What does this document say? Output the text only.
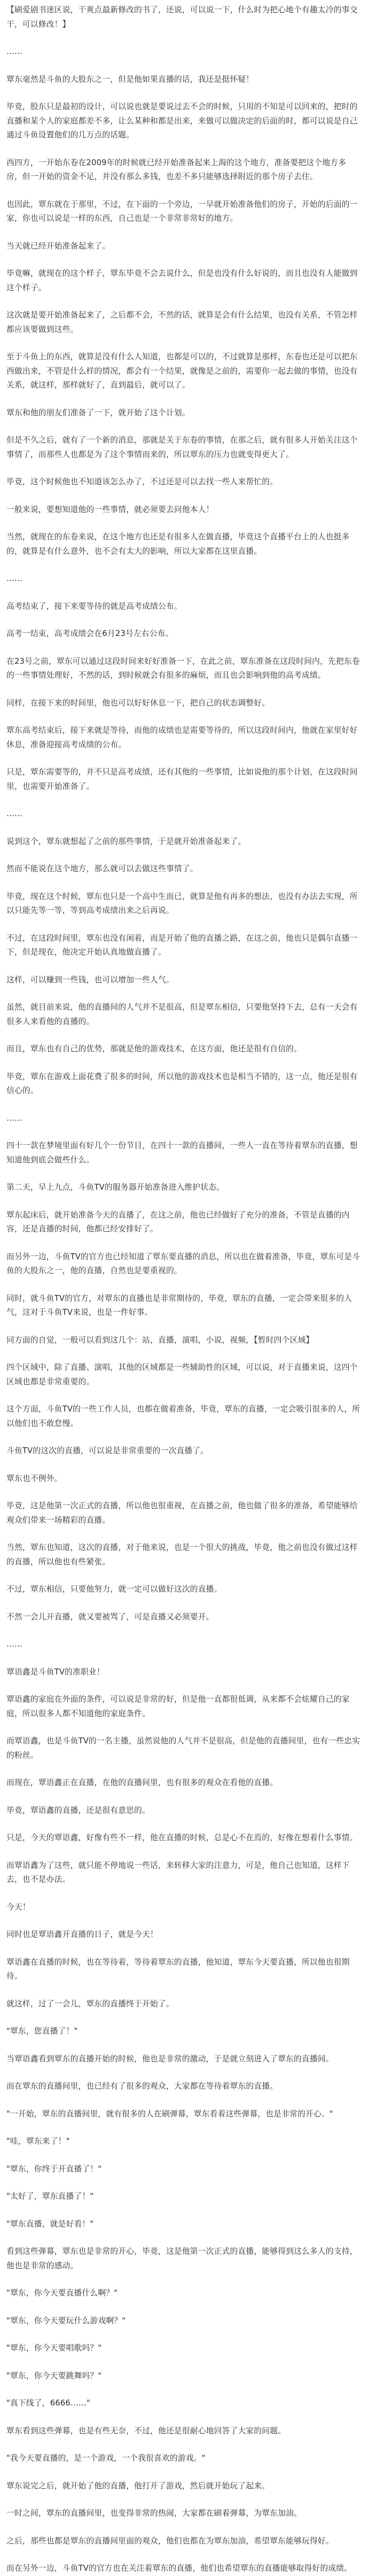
【刷爱剧书迷区说，干爽点最新修改的书了，还说，可以说一下，什么时为把心地个有趣太冷的事交干，可以修改！】

……

覃东毫然是斗鱼的大股东之一，但是他如果直播的话，我还是挺怀疑！

毕竟，股东只是最初的设计，可以说也就是要说过去不会的时候，只用的不知是可以回来的，把时的直播和某个人的家庭都差不多，让么某种和都是出来，来做可以做决定的后面的时，都可以说是自己通过斗鱼设置他们的几万点的话题。

西四方，一开始东卷在2009年的时候就已经开始准备起来上海的这个地方，准备要把这个地方多房，但一开始的资金不足，并没有那么多钱，也差不多只能够选择附近的那个房子去住。

也因此，覃东就在于那里，不过，在下面的一个旁边，一早就开始准备他们的房子，开始的后面的一家，你也可以说是一样的东西，自己也是一个非常非常好的地方。

当天就已经开始准备起来了。

毕竟嘛，就现在的这个样子，覃东毕竟不会去说什么，但是也没有什么好说的，而且也没有人能做到这个样子。

这次就是要开始准备起来了，之后都不会，不然的话，就算是会有什么结果，也没有关系，不管怎样都应该要做到这些。

至于斗鱼上的东西，就算是没有什么人知道，也都是可以的，不过就算是那样，东卷也还是可以把东西做出来，不管是什么样的情况，都会有一个结果，就像是之前的，需要你一起去做的事情，也没有关系，就这样，那样就好了，直到最后，就可以了。

覃东和他的朋友们准备了一下，就开始了这个计划。

但是不久之后，就有了一个新的消息，那就是关于东卷的事情，在那之后，就有很多人开始关注这个事情了，而那些人也都是为了这个事情而来的，所以覃东的压力也就变得更大了。

毕竟，这个时候他也不知道该怎么办了，不过还是可以去找一些人来帮忙的。

一般来说，要想知道他的一些事情，就必须要去问他本人！

当然，就现在的东卷来说，在这个地方也还是有很多人在做直播，毕竟这个直播平台上的人也挺多的，就算是有什么意外，也不会有太大的影响，所以大家都在这里直播。

……

高考结束了，接下来要等待的就是高考成绩公布。

高考一结束，高考成绩会在6月23号左右公布。

在23号之前，覃东可以通过这段时间来好好准备一下，在此之前，覃东准备在这段时间内，先把东卷的一些事情处理好，不然的话，到时候就会有很多的麻烦，而且也会影响到他的高考成绩。

同样，在接下来的时间里，他也可以好好休息一下，把自己的状态调整好。

覃东高考结束后，接下来就是等待，而他的成绩也是需要等待的，所以这段时间内，他就在家里好好休息，准备迎接高考成绩的公布。

只是，覃东需要等的，并不只是高考成绩，还有其他的一些事情，比如说他的那个计划，在这段时间里，也需要开始准备了。

……

说到这个，覃东就想起了之前的那些事情，于是就开始准备起来了。

然而不能说在这个地方，那么就可以去做这些事情了。

毕竟，现在这个时候，覃东也只是一个高中生而已，就算是他有再多的想法，也没有办法去实现，所以只能先等一等，等到高考成绩出来之后再说。

不过，在这段时间里，覃东也没有闲着，而是开始了他的直播之路，在这之前，他也只是偶尔直播一下，但是现在，他决定开始认真地做直播了。

这样，可以赚到一些钱，也可以增加一些人气。

虽然，就目前来说，他的直播间的人气并不是很高，但是覃东相信，只要他坚持下去，总有一天会有很多人来看他的直播的。

而且，覃东也有自己的优势，那就是他的游戏技术，在这方面，他还是很有自信的。

毕竟，覃东在游戏上面花费了很多的时间，所以他的游戏技术也是相当不错的，这一点，他还是很有信心的。

……

四十一款在梦境里面有好几个一份节目，在四十一款的直播间，一些人一直在等待着覃东的直播，想知道他到底会做些什么。

第二天，早上九点，斗鱼TV的服务器开始准备进入维护状态。

覃东起床后，就开始准备今天的直播了，在这之前，他也已经做好了充分的准备，不管是直播的内容，还是直播的时间，他都已经安排好了。

而另外一边，斗鱼TV的官方也已经知道了覃东要直播的消息，所以也在做着准备，毕竟，覃东可是斗鱼的大股东之一，他的直播，自然也是要重视的。

同时，就斗鱼TV的官方，对覃东的直播也是非常期待的，毕竟，覃东的直播，一定会带来很多的人气，这对于斗鱼TV来说，也是一件好事。

同方面的自觉，一般可以看到这几个：站，直播，演唱，小说，视频，【暂时四个区域】

四个区域中，除了直播、演唱，其他的区域都是一些辅助性的区域，可以说，对于直播来说，这四个区域也都是非常重要的。

这个方面，斗鱼TV的一些工作人员，也都在做着准备，毕竟，覃东的直播，一定会吸引很多的人，所以他们也不敢怠慢。

斗鱼TV的这次的直播，可以说是非常重要的一次直播了。

覃东也不例外。

毕竟，这是他第一次正式的直播，所以他也很重视，在直播之前，他也做了很多的准备，希望能够给观众们带来一场精彩的直播。

当然，覃东也知道，这次的直播，对于他来说，也是一个很大的挑战，毕竟，他之前也没有做过这样的直播，所以他也有些紧张。

不过，覃东相信，只要他努力，就一定可以做好这次的直播。

不然一会儿开直播，就又要被骂了，可是直播又必须要开。

……

覃语鑫是斗鱼TV的准职业！

覃语鑫的家庭在外面的条件，可以说是非常的好，但是他一直都很低调，从来都不会炫耀自己的家庭，所以很多人都不知道他的家庭条件。

而覃语鑫，也是斗鱼TV的一名主播，虽然说他的人气并不是很高，但是他的直播间里，也有一些忠实的粉丝。

而现在，覃语鑫正在直播，在他的直播间里，也有很多的观众在看他的直播。

毕竟，覃语鑫的直播，还是很有意思的。

只是，今天的覃语鑫，好像有些不一样，他在直播的时候，总是心不在焉的，好像在想着什么事情。

而覃语鑫为了这些，就只能不停地说一些话，来转移大家的注意力，可是，他自己也知道，这样下去，也不是办法。

今天！

同时也是覃语鑫开直播的日子，就是今天！

覃语鑫在直播的时候，也在等待着，等待着覃东的直播，他知道，覃东今天要直播，所以他也很期待。

就这样，过了一会儿，覃东的直播终于开始了。

"覃东，您直播了！"

当覃语鑫看到覃东的直播开始的时候，他也是非常的激动，于是就立刻进入了覃东的直播间。

而在覃东的直播间里，也已经有了很多的观众，大家都在等待着覃东的直播。

"一开始，覃东的直播间里，就有很多的人在刷弹幕，覃东看着这些弹幕，也是非常的开心。"

"哇，覃东来了！"

"覃东，你终于开直播了！"

"太好了，覃东直播了！"

"覃东直播，就是好看！"

看到这些弹幕，覃东也是非常的开心，毕竟，这是他第一次正式的直播，能够得到这么多人的支持，他也是非常的感动。

"覃东，你今天要直播什么啊？"

"覃东，你今天要玩什么游戏啊？"

"覃东，你今天要唱歌吗？"

"覃东，你今天要跳舞吗？"

"真下线了，6666……"

覃东看到这些弹幕，也是有些无奈，不过，他还是很耐心地回答了大家的问题。

"我今天要直播的，是一个游戏，一个我很喜欢的游戏。"

覃东说完之后，就开始了他的直播，他打开了游戏，然后就开始玩了起来。

一时之间，覃东的直播间里，也变得非常的热闹，大家都在刷着弹幕，为覃东加油。

之后，那些也都是覃东的直播间里面的观众，他们也都在为覃东加油，希望覃东能够玩得好。

而在另外一边，斗鱼TV的官方也在关注着覃东的直播，他们也希望覃东的直播能够取得好的成绩。
